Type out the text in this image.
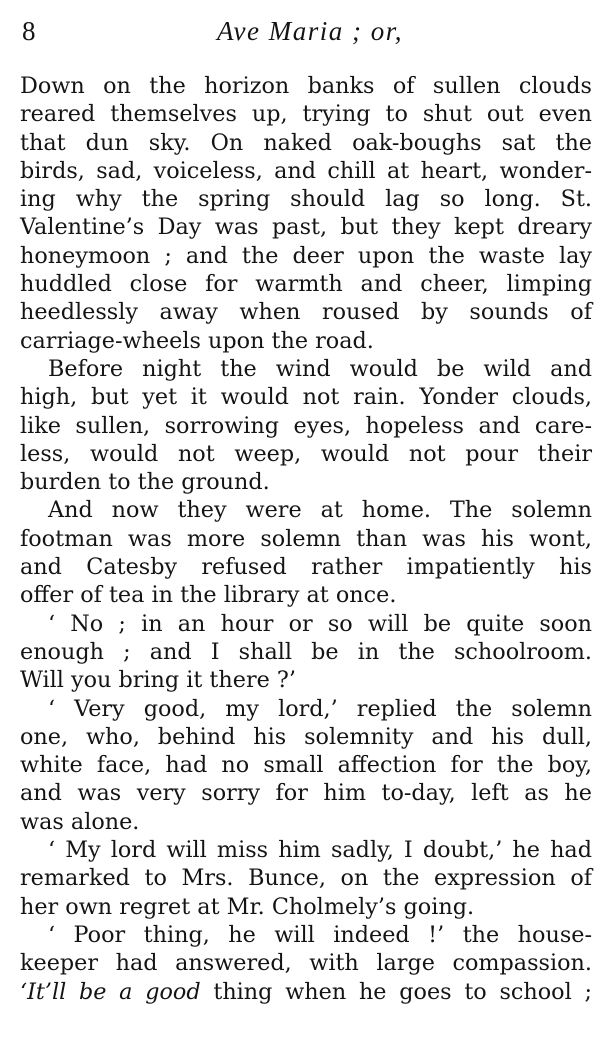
8	Ave Maria ; or,
Down on the horizon banks of sullen clouds
reared themselves up, trying to shut out even
that dun sky. On naked oak-boughs sat the
birds, sad, voiceless, and chill at heart, wonder-
ing why the spring should lag so long. St.
Valentine’s Day was past, but they kept dreary
honeymoon ; and the deer upon the waste lay
huddled close for warmth and cheer, limping
heedlessly away when roused by sounds of
carriage-wheels upon the road.
Before night the wind would be wild and
high, but yet it would not rain. Yonder clouds,
like sullen, sorrowing eyes, hopeless and care-
less, would not weep, would not pour their
burden to the ground.
And now they were at home. The solemn
footman was more solemn than was his wont,
and Catesby refused rather impatiently his
offer of tea in the library at once.
‘ No ; in an hour or so will be quite soon
enough ; and I shall be in the schoolroom.
Will you bring it there ?’
‘ Very good, my lord,’ replied the solemn
one, who, behind his solemnity and his dull,
white face, had no small affection for the boy,
and was very sorry for him to-day, left as he
was alone.
‘ My lord will miss him sadly, I doubt,’ he had
remarked to Mrs. Bunce, on the expression of
her own regret at Mr. Cholmely’s going.
‘ Poor thing, he will indeed !’ the house-
keeper had answered, with large compassion.
‘It’ll be a good thing when he goes to school ;
